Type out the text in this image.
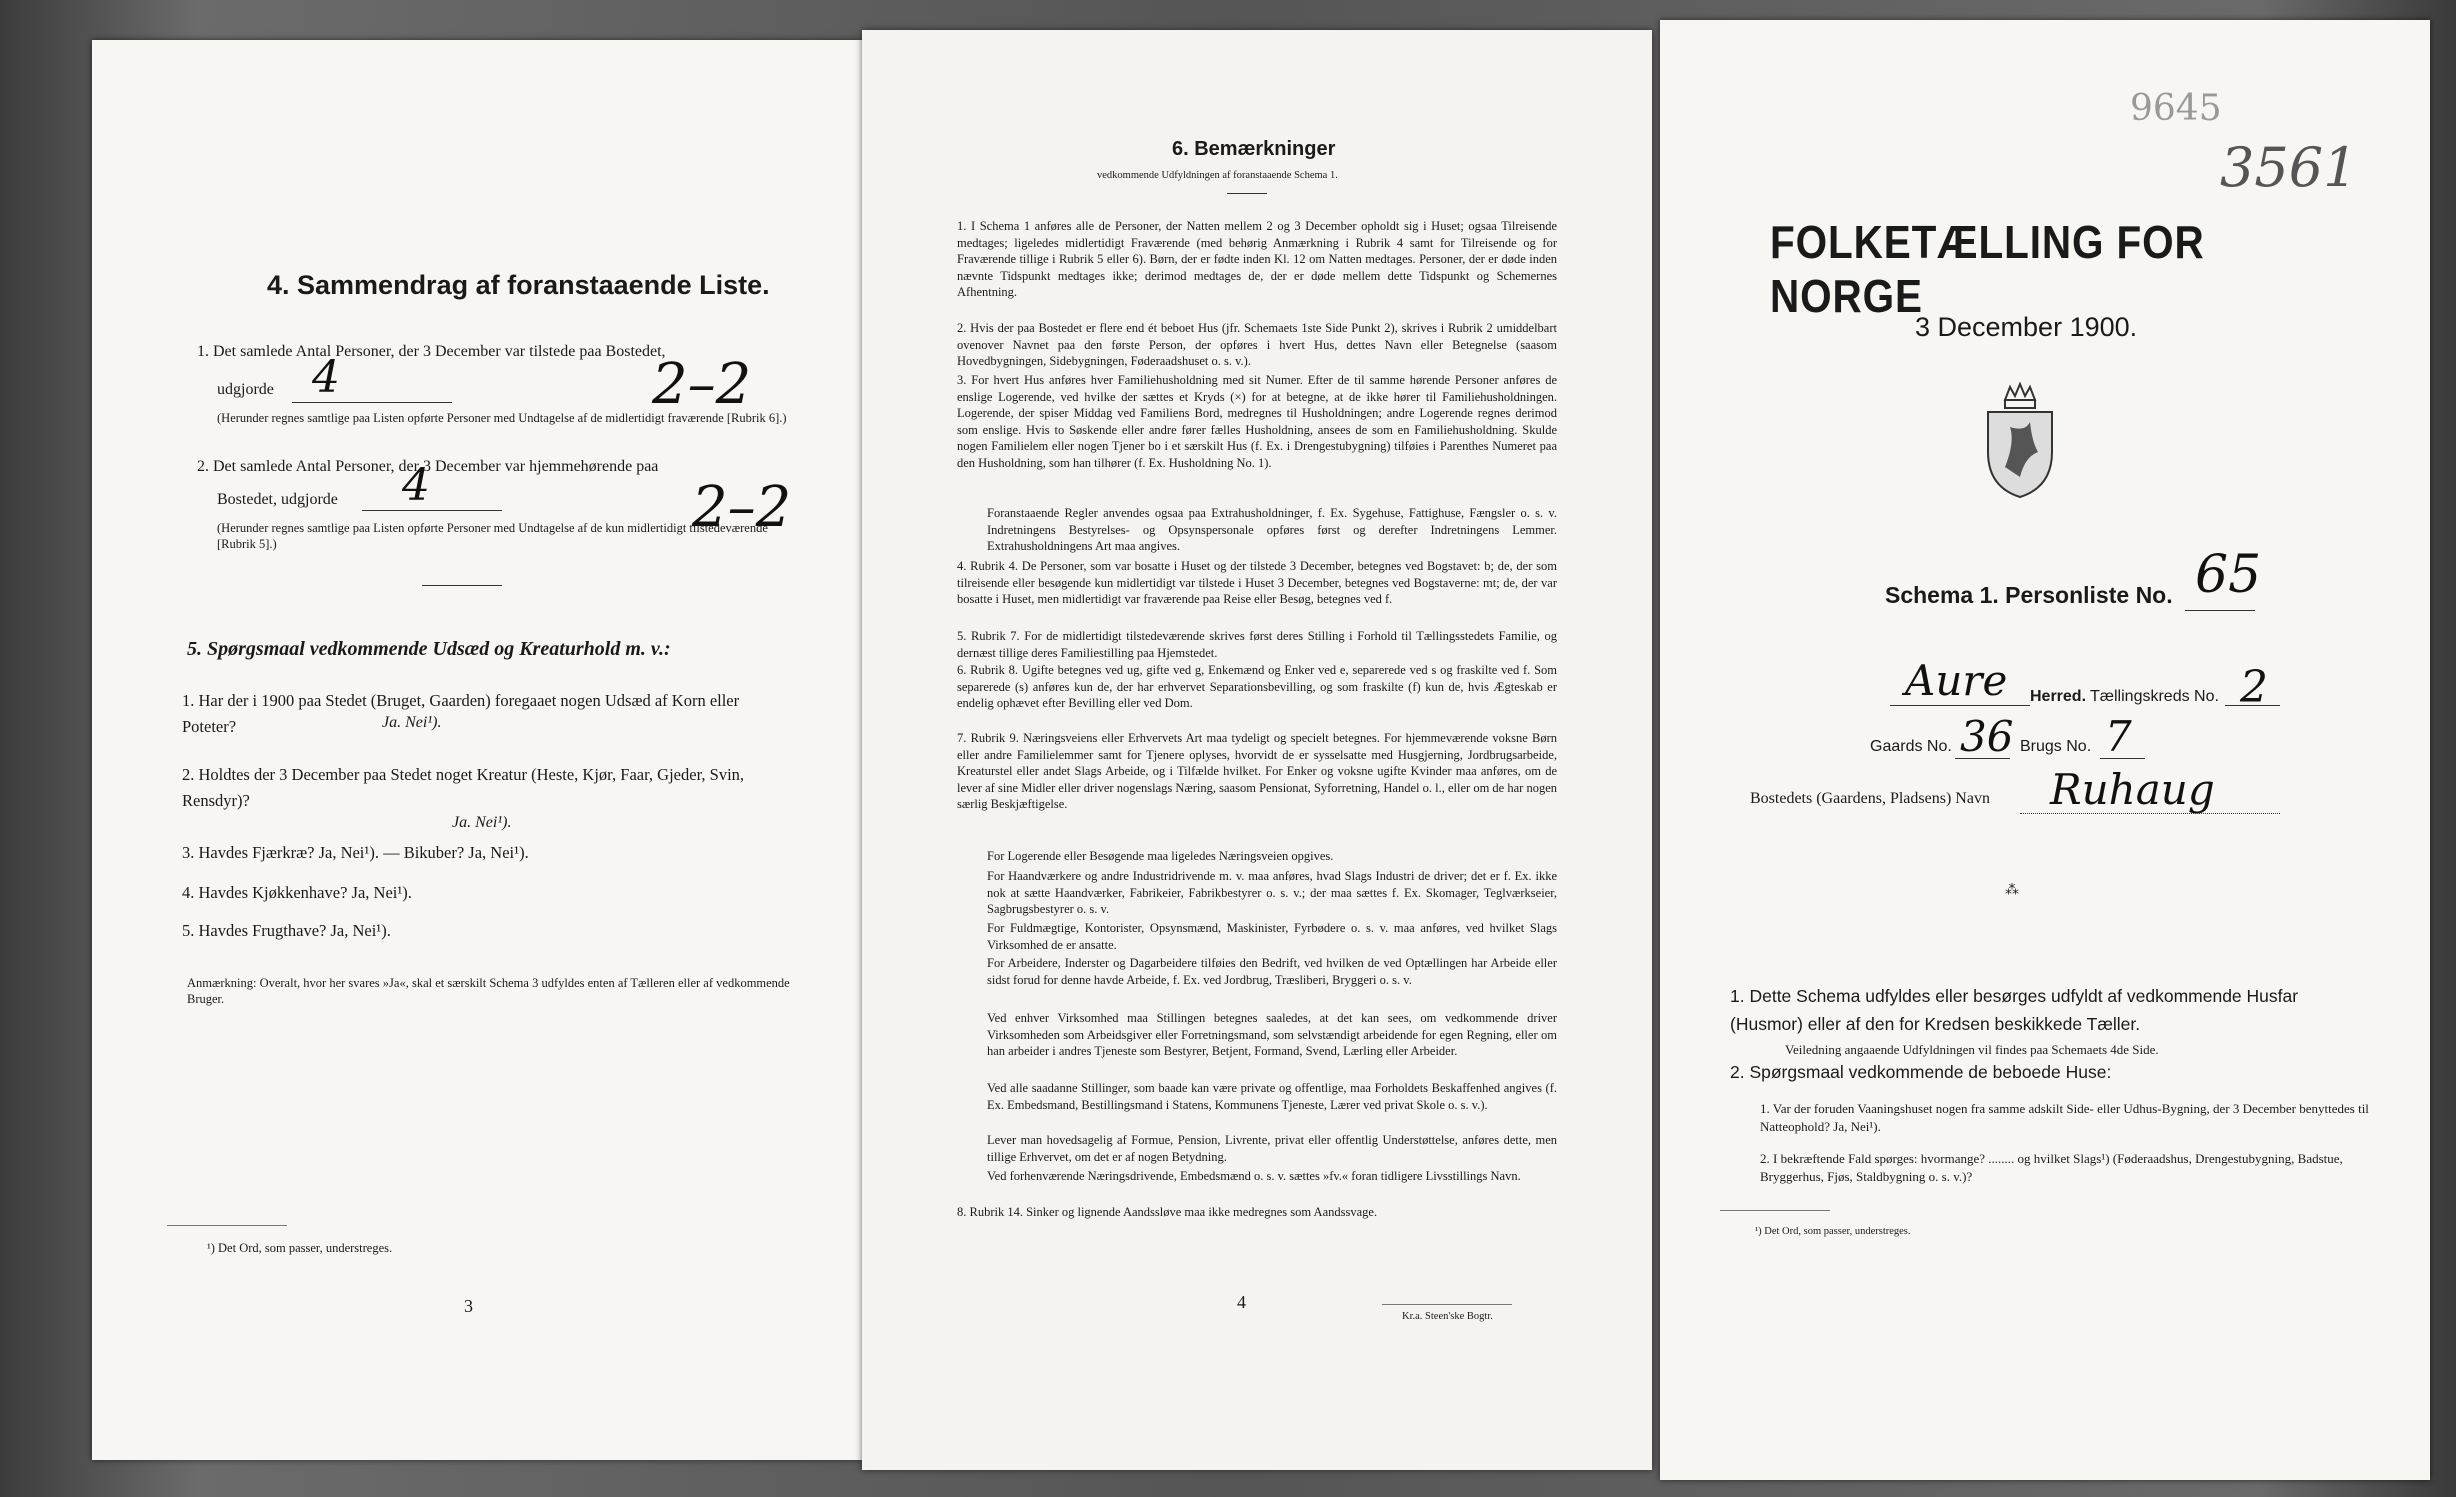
4. Sammendrag af foranstaaende Liste.
1. Det samlede Antal Personer, der 3 December var tilstede paa Bostedet,
udgjorde 4	2–2
(Herunder regnes samtlige paa Listen opførte Personer med Undtagelse af de midlertidigt fraværende [Rubrik 6].)
2. Det samlede Antal Personer, der 3 December var hjemmehørende paa
Bostedet, udgjorde 4	2–2
(Herunder regnes samtlige paa Listen opførte Personer med Undtagelse af de kun midlertidigt tilstedeværende [Rubrik 5].)
5. Spørgsmaal vedkommende Udsæd og Kreaturhold m. v.:
1. Har der i 1900 paa Stedet (Bruget, Gaarden) foregaaet nogen Udsæd af Korn eller Poteter?	Ja. Nei¹).
2. Holdtes der 3 December paa Stedet noget Kreatur (Heste, Kjør, Faar, Gjeder, Svin, Rensdyr)?
Ja. Nei¹).
3. Havdes Fjærkræ? Ja, Nei¹). — Bikuber? Ja, Nei¹).
4. Havdes Kjøkkenhave? Ja, Nei¹).
5. Havdes Frugthave? Ja, Nei¹).
Anmærkning: Overalt, hvor her svares »Ja«, skal et særskilt Schema 3 udfyldes enten af Tælleren eller af vedkommende Bruger.
¹) Det Ord, som passer, understreges.
3
6. Bemærkninger
vedkommende Udfyldningen af foranstaaende Schema 1.
1. I Schema 1 anføres alle de Personer, der Natten mellem 2 og 3 December opholdt sig i Huset; ogsaa Tilreisende medtages; ligeledes midlertidigt Fraværende (med behørig Anmærkning i Rubrik 4 samt for Tilreisende og for Fraværende tillige i Rubrik 5 eller 6). Børn, der er fødte inden Kl. 12 om Natten medtages. Personer, der er døde inden nævnte Tidspunkt medtages ikke; derimod medtages de, der er døde mellem dette Tidspunkt og Schemernes Afhentning.
2. Hvis der paa Bostedet er flere end ét beboet Hus (jfr. Schemaets 1ste Side Punkt 2), skrives i Rubrik 2 umiddelbart ovenover Navnet paa den første Person, der opføres i hvert Hus, dettes Navn eller Betegnelse (saasom Hovedbygningen, Sidebygningen, Føderaadshuset o. s. v.).
3. For hvert Hus anføres hver Familiehusholdning med sit Numer. Efter de til samme hørende Personer anføres de enslige Logerende, ved hvilke der sættes et Kryds (×) for at betegne, at de ikke hører til Familiehusholdningen. Logerende, der spiser Middag ved Familiens Bord, medregnes til Husholdningen; andre Logerende regnes derimod som enslige. Hvis to Søskende eller andre fører fælles Husholdning, ansees de som en Familiehusholdning. Skulde nogen Familielem eller nogen Tjener bo i et særskilt Hus (f. Ex. i Drengestubygning) tilføies i Parenthes Numeret paa den Husholdning, som han tilhører (f. Ex. Husholdning No. 1).
Foranstaaende Regler anvendes ogsaa paa Extrahusholdninger, f. Ex. Sygehuse, Fattighuse, Fængsler o. s. v. Indretningens Bestyrelses- og Opsynspersonale opføres først og derefter Indretningens Lemmer. Extrahusholdningens Art maa angives.
4. Rubrik 4. De Personer, som var bosatte i Huset og der tilstede 3 December, betegnes ved Bogstavet: b; de, der som tilreisende eller besøgende kun midlertidigt var tilstede i Huset 3 December, betegnes ved Bogstaverne: mt; de, der var bosatte i Huset, men midlertidigt var fraværende paa Reise eller Besøg, betegnes ved f.
5. Rubrik 7. For de midlertidigt tilstedeværende skrives først deres Stilling i Forhold til Tællingsstedets Familie, og dernæst tillige deres Familiestilling paa Hjemstedet.
6. Rubrik 8. Ugifte betegnes ved ug, gifte ved g, Enkemænd og Enker ved e, separerede ved s og fraskilte ved f. Som separerede (s) anføres kun de, der har erhvervet Separationsbevilling, og som fraskilte (f) kun de, hvis Ægteskab er endelig ophævet efter Bevilling eller ved Dom.
7. Rubrik 9. Næringsveiens eller Erhvervets Art maa tydeligt og specielt betegnes. For hjemmeværende voksne Børn eller andre Familielemmer samt for Tjenere oplyses, hvorvidt de er sysselsatte med Husgjerning, Jordbrugsarbeide, Kreaturstel eller andet Slags Arbeide, og i Tilfælde hvilket. For Enker og voksne ugifte Kvinder maa anføres, om de lever af sine Midler eller driver nogenslags Næring, saasom Pensionat, Syforretning, Handel o. l., eller om de har nogen særlig Beskjæftigelse.
For Logerende eller Besøgende maa ligeledes Næringsveien opgives.
For Haandværkere og andre Industridrivende m. v. maa anføres, hvad Slags Industri de driver; det er f. Ex. ikke nok at sætte Haandværker, Fabrikeier, Fabrikbestyrer o. s. v.; der maa sættes f. Ex. Skomager, Teglværkseier, Sagbrugsbestyrer o. s. v.
For Fuldmægtige, Kontorister, Opsynsmænd, Maskinister, Fyrbødere o. s. v. maa anføres, ved hvilket Slags Virksomhed de er ansatte.
For Arbeidere, Inderster og Dagarbeidere tilføies den Bedrift, ved hvilken de ved Optællingen har Arbeide eller sidst forud for denne havde Arbeide, f. Ex. ved Jordbrug, Træsliberi, Bryggeri o. s. v.
Ved enhver Virksomhed maa Stillingen betegnes saaledes, at det kan sees, om vedkommende driver Virksomheden som Arbeidsgiver eller Forretningsmand, som selvstændigt arbeidende for egen Regning, eller om han arbeider i andres Tjeneste som Bestyrer, Betjent, Formand, Svend, Lærling eller Arbeider.
Ved alle saadanne Stillinger, som baade kan være private og offentlige, maa Forholdets Beskaffenhed angives (f. Ex. Embedsmand, Bestillingsmand i Statens, Kommunens Tjeneste, Lærer ved privat Skole o. s. v.).
Lever man hovedsagelig af Formue, Pension, Livrente, privat eller offentlig Understøttelse, anføres dette, men tillige Erhvervet, om det er af nogen Betydning.
Ved forhenværende Næringsdrivende, Embedsmænd o. s. v. sættes »fv.« foran tidligere Livsstillings Navn.
8. Rubrik 14. Sinker og lignende Aandssløve maa ikke medregnes som Aandssvage.
4
Kr.a. Steen'ske Bogtr.
9645
3561
FOLKETÆLLING FOR NORGE
3 December 1900.
Schema 1. Personliste No. 65
Aure Herred. Tællingskreds No. 2
Gaards No. 36 Brugs No. 7
Bostedets (Gaardens, Pladsens) Navn Ruhaug
⁂
1. Dette Schema udfyldes eller besørges udfyldt af vedkommende Husfar (Husmor) eller af den for Kredsen beskikkede Tæller.
Veiledning angaaende Udfyldningen vil findes paa Schemaets 4de Side.
2. Spørgsmaal vedkommende de beboede Huse:
1. Var der foruden Vaaningshuset nogen fra samme adskilt Side- eller Udhus-Bygning, der 3 December benyttedes til Natteophold? Ja, Nei¹).
2. I bekræftende Fald spørges: hvormange? ........ og hvilket Slags¹) (Føderaadshus, Drengestubygning, Badstue, Bryggerhus, Fjøs, Staldbygning o. s. v.)?
¹) Det Ord, som passer, understreges.
